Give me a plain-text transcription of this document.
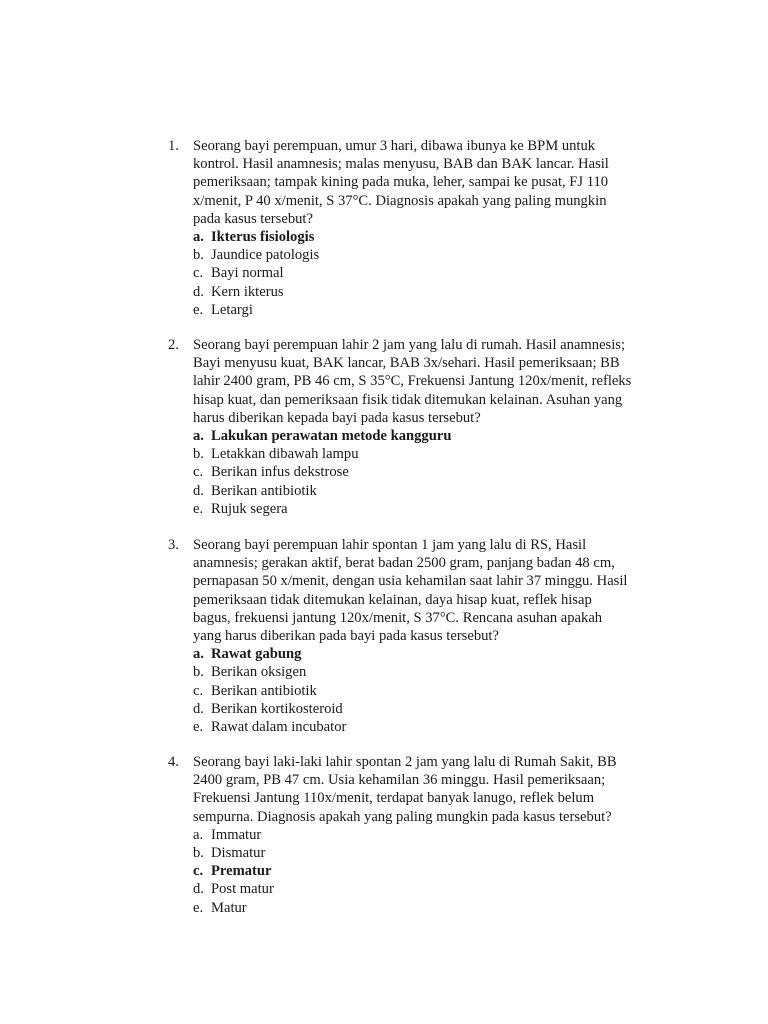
1. Seorang bayi perempuan, umur 3 hari, dibawa ibunya ke BPM untuk
kontrol. Hasil anamnesis; malas menyusu, BAB dan BAK lancar. Hasil
pemeriksaan; tampak kining pada muka, leher, sampai ke pusat, FJ 110
x/menit, P 40 x/menit, S 37°C. Diagnosis apakah yang paling mungkin
pada kasus tersebut?

a. Ikterus fisiologis
b. Jaundice patologis
c. Bayi normal
d. Kern ikterus
e. Letargi
2. Seorang bayi perempuan lahir 2 jam yang lalu di rumah. Hasil anamnesis;
Bayi menyusu kuat, BAK lancar, BAB 3x/sehari. Hasil pemeriksaan; BB
lahir 2400 gram, PB 46 cm, S 35°C, Frekuensi Jantung 120x/menit, refleks
hisap kuat, dan pemeriksaan fisik tidak ditemukan kelainan. Asuhan yang
harus diberikan kepada bayi pada kasus tersebut?

a. Lakukan perawatan metode kangguru
b. Letakkan dibawah lampu
c. Berikan infus dekstrose
d. Berikan antibiotik
e. Rujuk segera
3. Seorang bayi perempuan lahir spontan 1 jam yang lalu di RS, Hasil
anamnesis; gerakan aktif, berat badan 2500 gram, panjang badan 48 cm,
pernapasan 50 x/menit, dengan usia kehamilan saat lahir 37 minggu. Hasil
pemeriksaan tidak ditemukan kelainan, daya hisap kuat, reflek hisap
bagus, frekuensi jantung 120x/menit, S 37°C. Rencana asuhan apakah
yang harus diberikan pada bayi pada kasus tersebut?

a. Rawat gabung
b. Berikan oksigen
c. Berikan antibiotik
d. Berikan kortikosteroid
e. Rawat dalam incubator
4. Seorang bayi laki-laki lahir spontan 2 jam yang lalu di Rumah Sakit, BB
2400 gram, PB 47 cm. Usia kehamilan 36 minggu. Hasil pemeriksaan;
Frekuensi Jantung 110x/menit, terdapat banyak lanugo, reflek belum
sempurna. Diagnosis apakah yang paling mungkin pada kasus tersebut?

a. Immatur
b. Dismatur
c. Prematur
d. Post matur
e. Matur
